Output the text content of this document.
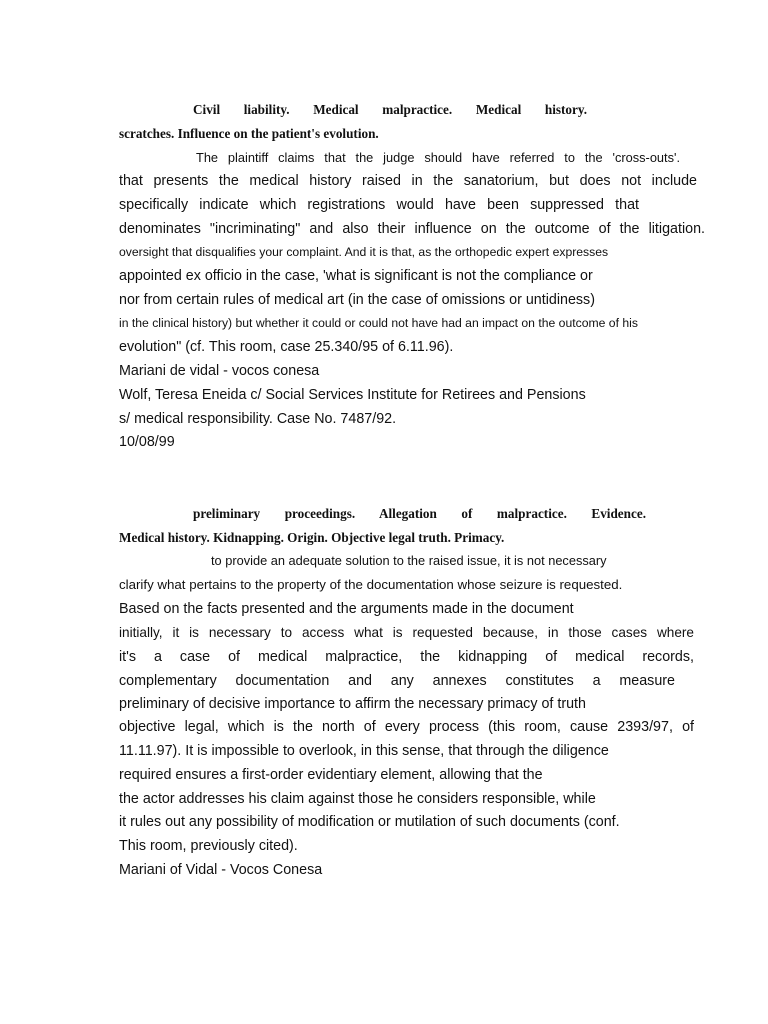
Civil liability. Medical malpractice. Medical history.
scratches. Influence on the patient's evolution.
The plaintiff claims that the judge should have referred to the 'cross-outs'.
that presents the medical history raised in the sanatorium, but does not include
specifically indicate which registrations would have been suppressed that
denominates "incriminating" and also their influence on the outcome of the litigation.
oversight that disqualifies your complaint. And it is that, as the orthopedic expert expresses
appointed ex officio in the case, 'what is significant is not the compliance or
nor from certain rules of medical art (in the case of omissions or untidiness)
in the clinical history) but whether it could or could not have had an impact on the outcome of his
evolution" (cf. This room, case 25.340/95 of 6.11.96).
Mariani de vidal - vocos conesa
Wolf, Teresa Eneida c/ Social Services Institute for Retirees and Pensions
s/ medical responsibility. Case No. 7487/92.
10/08/99
preliminary proceedings. Allegation of malpractice. Evidence.
Medical history. Kidnapping. Origin. Objective legal truth. Primacy.
to provide an adequate solution to the raised issue, it is not necessary
clarify what pertains to the property of the documentation whose seizure is requested.
Based on the facts presented and the arguments made in the document
initially, it is necessary to access what is requested because, in those cases where
it's a case of medical malpractice, the kidnapping of medical records,
complementary documentation and any annexes constitutes a measure
preliminary of decisive importance to affirm the necessary primacy of truth
objective legal, which is the north of every process (this room, cause 2393/97, of
11.11.97). It is impossible to overlook, in this sense, that through the diligence
required ensures a first-order evidentiary element, allowing that the
the actor addresses his claim against those he considers responsible, while
it rules out any possibility of modification or mutilation of such documents (conf.
This room, previously cited).
Mariani of Vidal - Vocos Conesa
